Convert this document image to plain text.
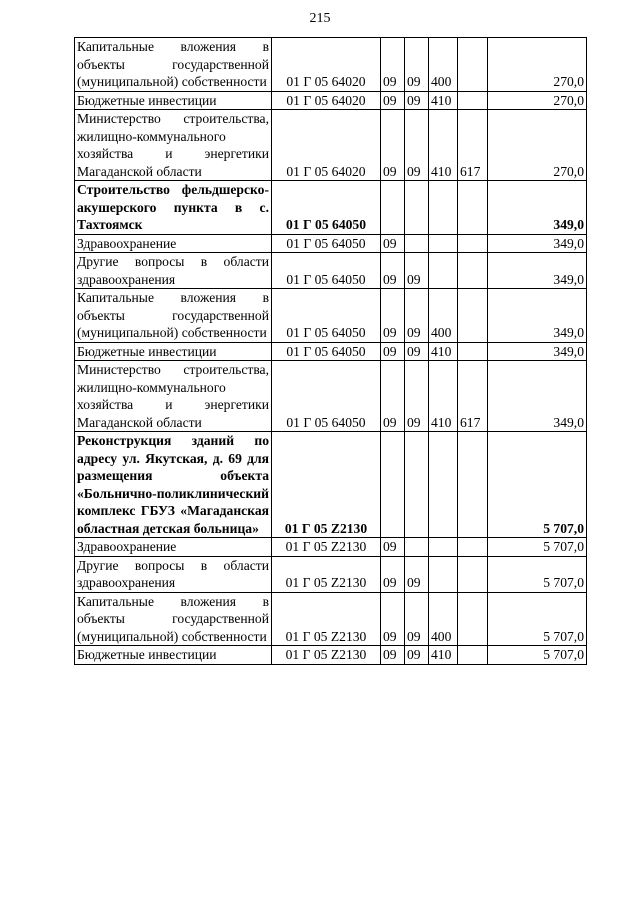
215
Капитальные вложения в объекты государственной (муниципальной) собственности	01 Г 05 64020	09	09	400		270,0
Бюджетные инвестиции	01 Г 05 64020	09	09	410		270,0
Министерство строительства, жилищно-коммунального хозяйства и энергетики Магаданской области	01 Г 05 64020	09	09	410	617	270,0
Строительство фельдшерско-акушерского пункта в с. Тахтоямск	01 Г 05 64050					349,0
Здравоохранение	01 Г 05 64050	09				349,0
Другие вопросы в области здравоохранения	01 Г 05 64050	09	09			349,0
Капитальные вложения в объекты государственной (муниципальной) собственности	01 Г 05 64050	09	09	400		349,0
Бюджетные инвестиции	01 Г 05 64050	09	09	410		349,0
Министерство строительства, жилищно-коммунального хозяйства и энергетики Магаданской области	01 Г 05 64050	09	09	410	617	349,0
Реконструкция зданий по адресу ул. Якутская, д. 69 для размещения объекта «Больнично-поликлинический комплекс ГБУЗ «Магаданская областная детская больница»	01 Г 05 Z2130					5 707,0
Здравоохранение	01 Г 05 Z2130	09				5 707,0
Другие вопросы в области здравоохранения	01 Г 05 Z2130	09	09			5 707,0
Капитальные вложения в объекты государственной (муниципальной) собственности	01 Г 05 Z2130	09	09	400		5 707,0
Бюджетные инвестиции	01 Г 05 Z2130	09	09	410		5 707,0
